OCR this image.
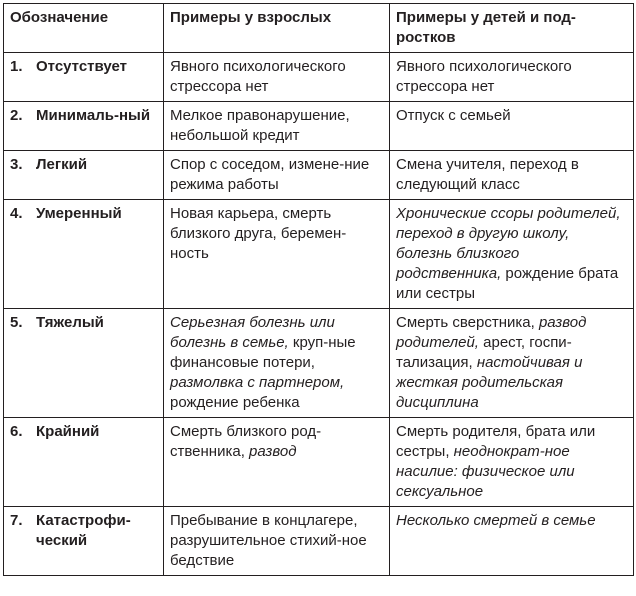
Обозначение	Примеры у взрослых	Примеры у детей и под-ростков

1. Отсутствует	Явного психологического стрессора нет	Явного психологического стрессора нет

2. Минималь-ный	Мелкое правонарушение, небольшой кредит	Отпуск с семьей

3. Легкий	Спор с соседом, измене-ние режима работы	Смена учителя, переход в следующий класс

4. Умеренный	Новая карьера, смерть близкого друга, беремен-ность	Хронические ссоры родителей, переход в другую школу, болезнь близкого родственника, рождение брата или сестры

5. Тяжелый	Серьезная болезнь или болезнь в семье, круп-ные финансовые потери, размолвка с партнером, рождение ребенка	Смерть сверстника, развод родителей, арест, госпи-тализация, настойчивая и жесткая родительская дисциплина

6. Крайний	Смерть близкого род-ственника, развод	Смерть родителя, брата или сестры, неоднократ-ное насилие: физическое или сексуальное

7. Катастрофи-ческий	Пребывание в концлагере, разрушительное стихий-ное бедствие	Несколько смертей в семье
